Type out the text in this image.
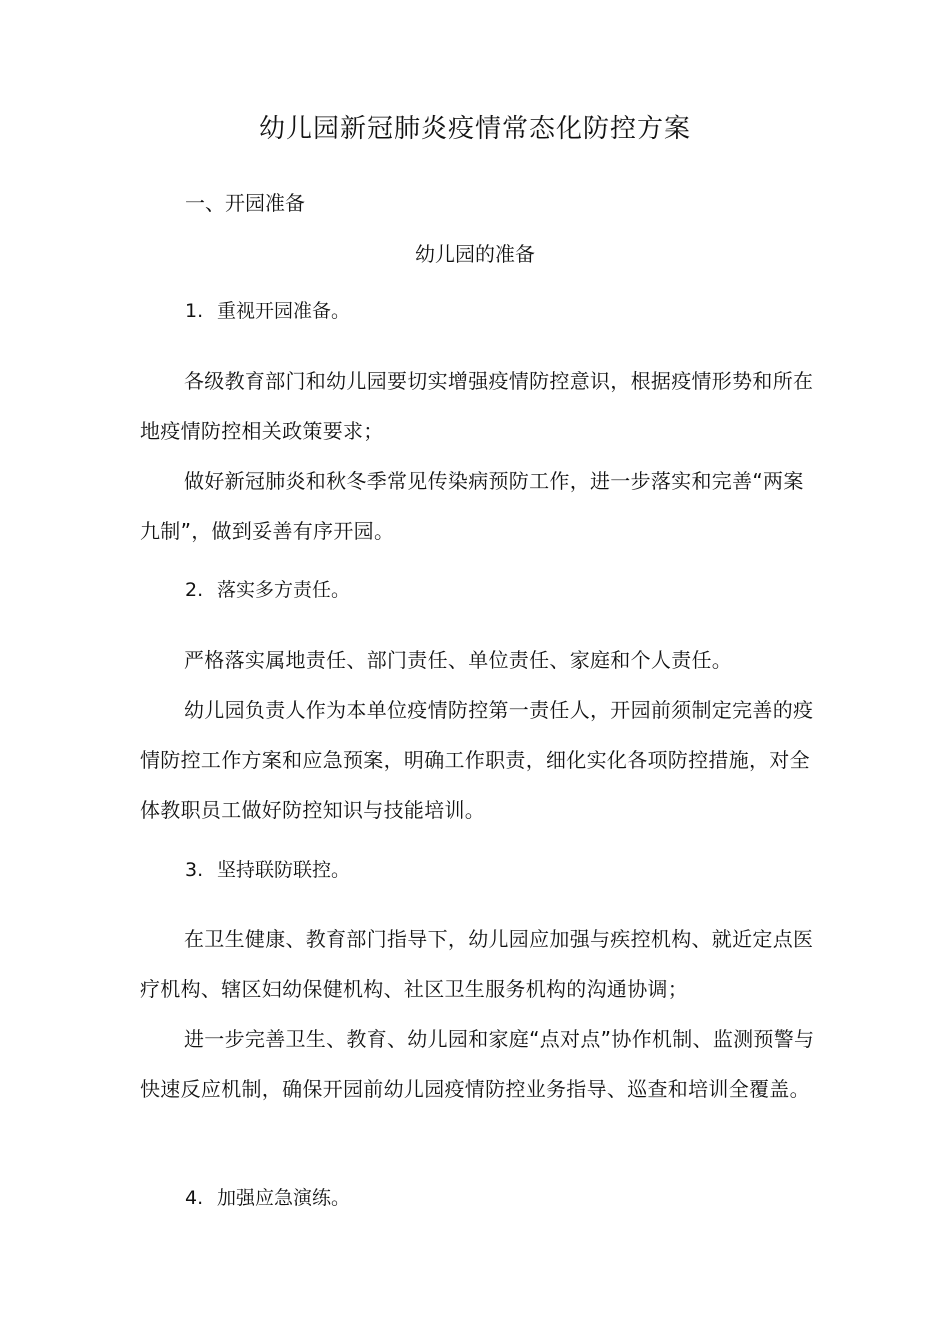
幼儿园新冠肺炎疫情常态化防控方案
一、开园准备
幼儿园的准备

1. 重视开园准备。

各级教育部门和幼儿园要切实增强疫情防控意识，根据疫情形势和所在地疫情防控相关政策要求；

做好新冠肺炎和秋冬季常见传染病预防工作，进一步落实和完善“两案九制”，做到妥善有序开园。

2. 落实多方责任。

严格落实属地责任、部门责任、单位责任、家庭和个人责任。

幼儿园负责人作为本单位疫情防控第一责任人，开园前须制定完善的疫情防控工作方案和应急预案，明确工作职责，细化实化各项防控措施，对全体教职员工做好防控知识与技能培训。

3. 坚持联防联控。

在卫生健康、教育部门指导下，幼儿园应加强与疾控机构、就近定点医疗机构、辖区妇幼保健机构、社区卫生服务机构的沟通协调；

进一步完善卫生、教育、幼儿园和家庭“点对点”协作机制、监测预警与快速反应机制，确保开园前幼儿园疫情防控业务指导、巡查和培训全覆盖。

4. 加强应急演练。
